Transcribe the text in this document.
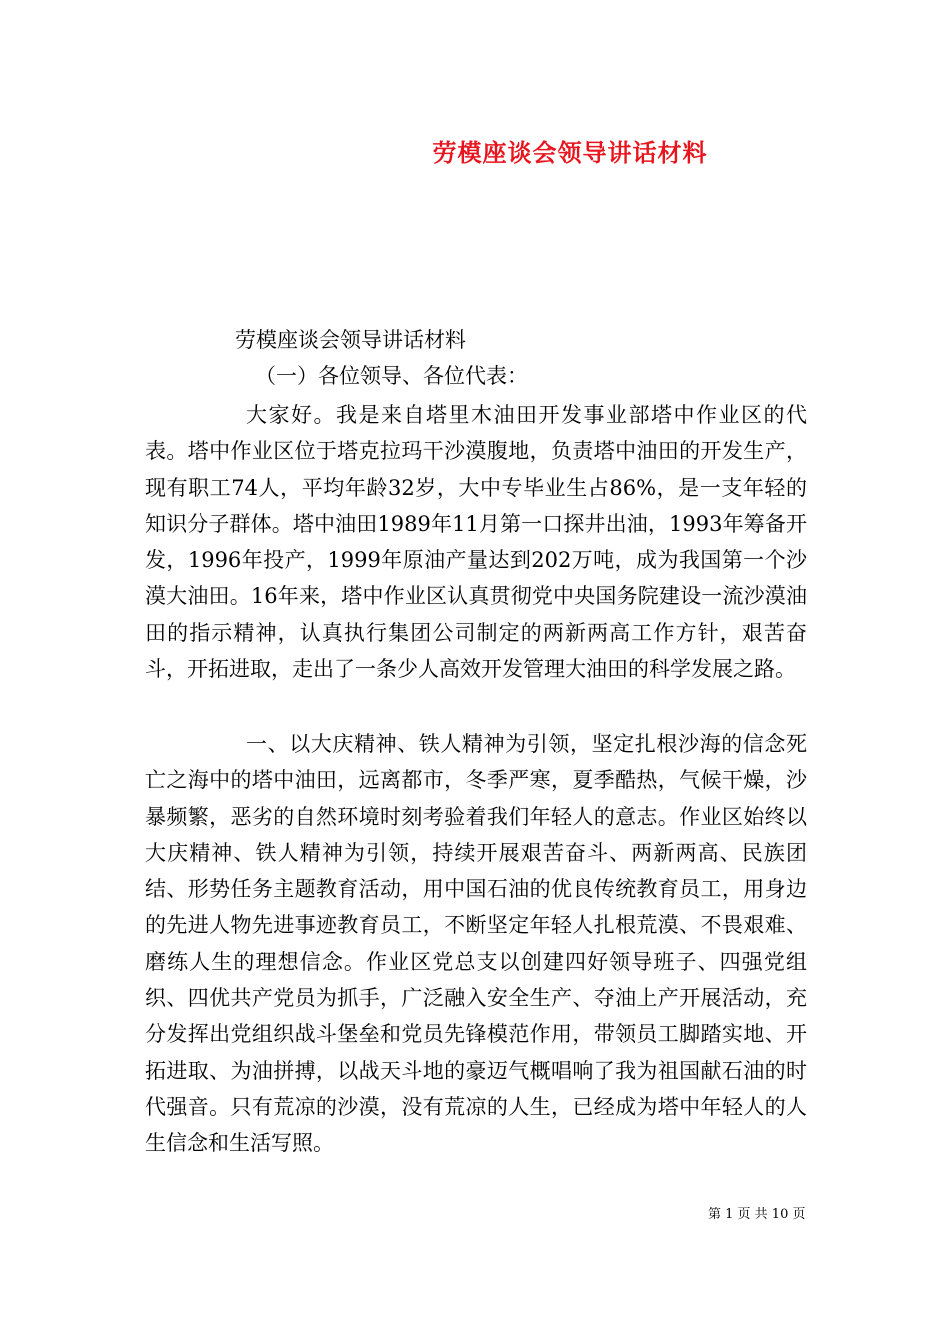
劳模座谈会领导讲话材料
劳模座谈会领导讲话材料
（一）各位领导、各位代表：
大家好。我是来自塔里木油田开发事业部塔中作业区的代表。塔中作业区位于塔克拉玛干沙漠腹地，负责塔中油田的开发生产，现有职工74人，平均年龄32岁，大中专毕业生占86%，是一支年轻的知识分子群体。塔中油田1989年11月第一口探井出油，1993年筹备开发，1996年投产，1999年原油产量达到202万吨，成为我国第一个沙漠大油田。16年来，塔中作业区认真贯彻党中央国务院建设一流沙漠油田的指示精神，认真执行集团公司制定的两新两高工作方针，艰苦奋斗，开拓进取，走出了一条少人高效开发管理大油田的科学发展之路。
一、以大庆精神、铁人精神为引领，坚定扎根沙海的信念死亡之海中的塔中油田，远离都市，冬季严寒，夏季酷热，气候干燥，沙暴频繁，恶劣的自然环境时刻考验着我们年轻人的意志。作业区始终以大庆精神、铁人精神为引领，持续开展艰苦奋斗、两新两高、民族团结、形势任务主题教育活动，用中国石油的优良传统教育员工，用身边的先进人物先进事迹教育员工，不断坚定年轻人扎根荒漠、不畏艰难、磨练人生的理想信念。作业区党总支以创建四好领导班子、四强党组织、四优共产党员为抓手，广泛融入安全生产、夺油上产开展活动，充分发挥出党组织战斗堡垒和党员先锋模范作用，带领员工脚踏实地、开拓进取、为油拼搏，以战天斗地的豪迈气概唱响了我为祖国献石油的时代强音。只有荒凉的沙漠，没有荒凉的人生，已经成为塔中年轻人的人生信念和生活写照。
第 1 页 共 10 页
